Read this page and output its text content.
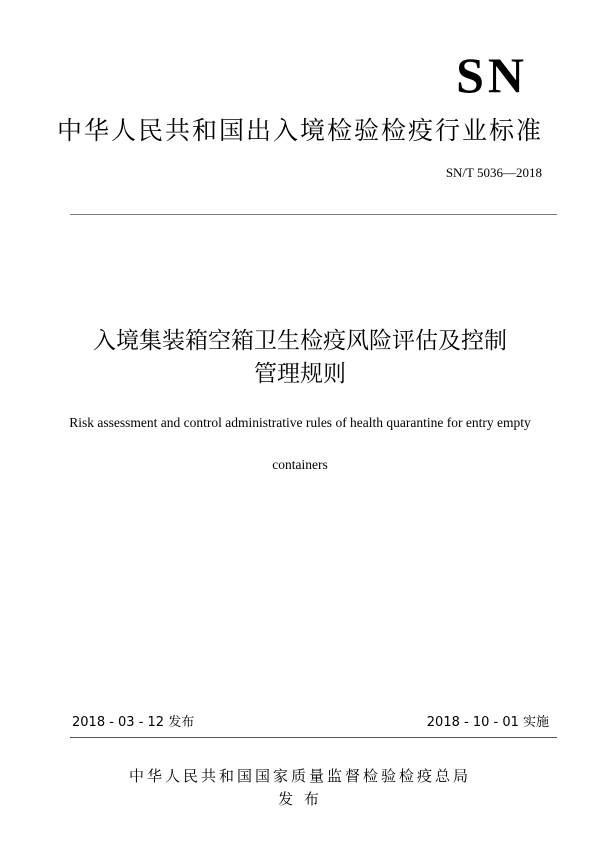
SN
中华人民共和国出入境检验检疫行业标准
SN/T 5036—2018
入境集装箱空箱卫生检疫风险评估及控制
管理规则
Risk assessment and control administrative rules of health quarantine for entry empty
containers
2018 - 03 - 12 发布	2018 - 10 - 01 实施
中华人民共和国国家质量监督检验检疫总局
发 布
